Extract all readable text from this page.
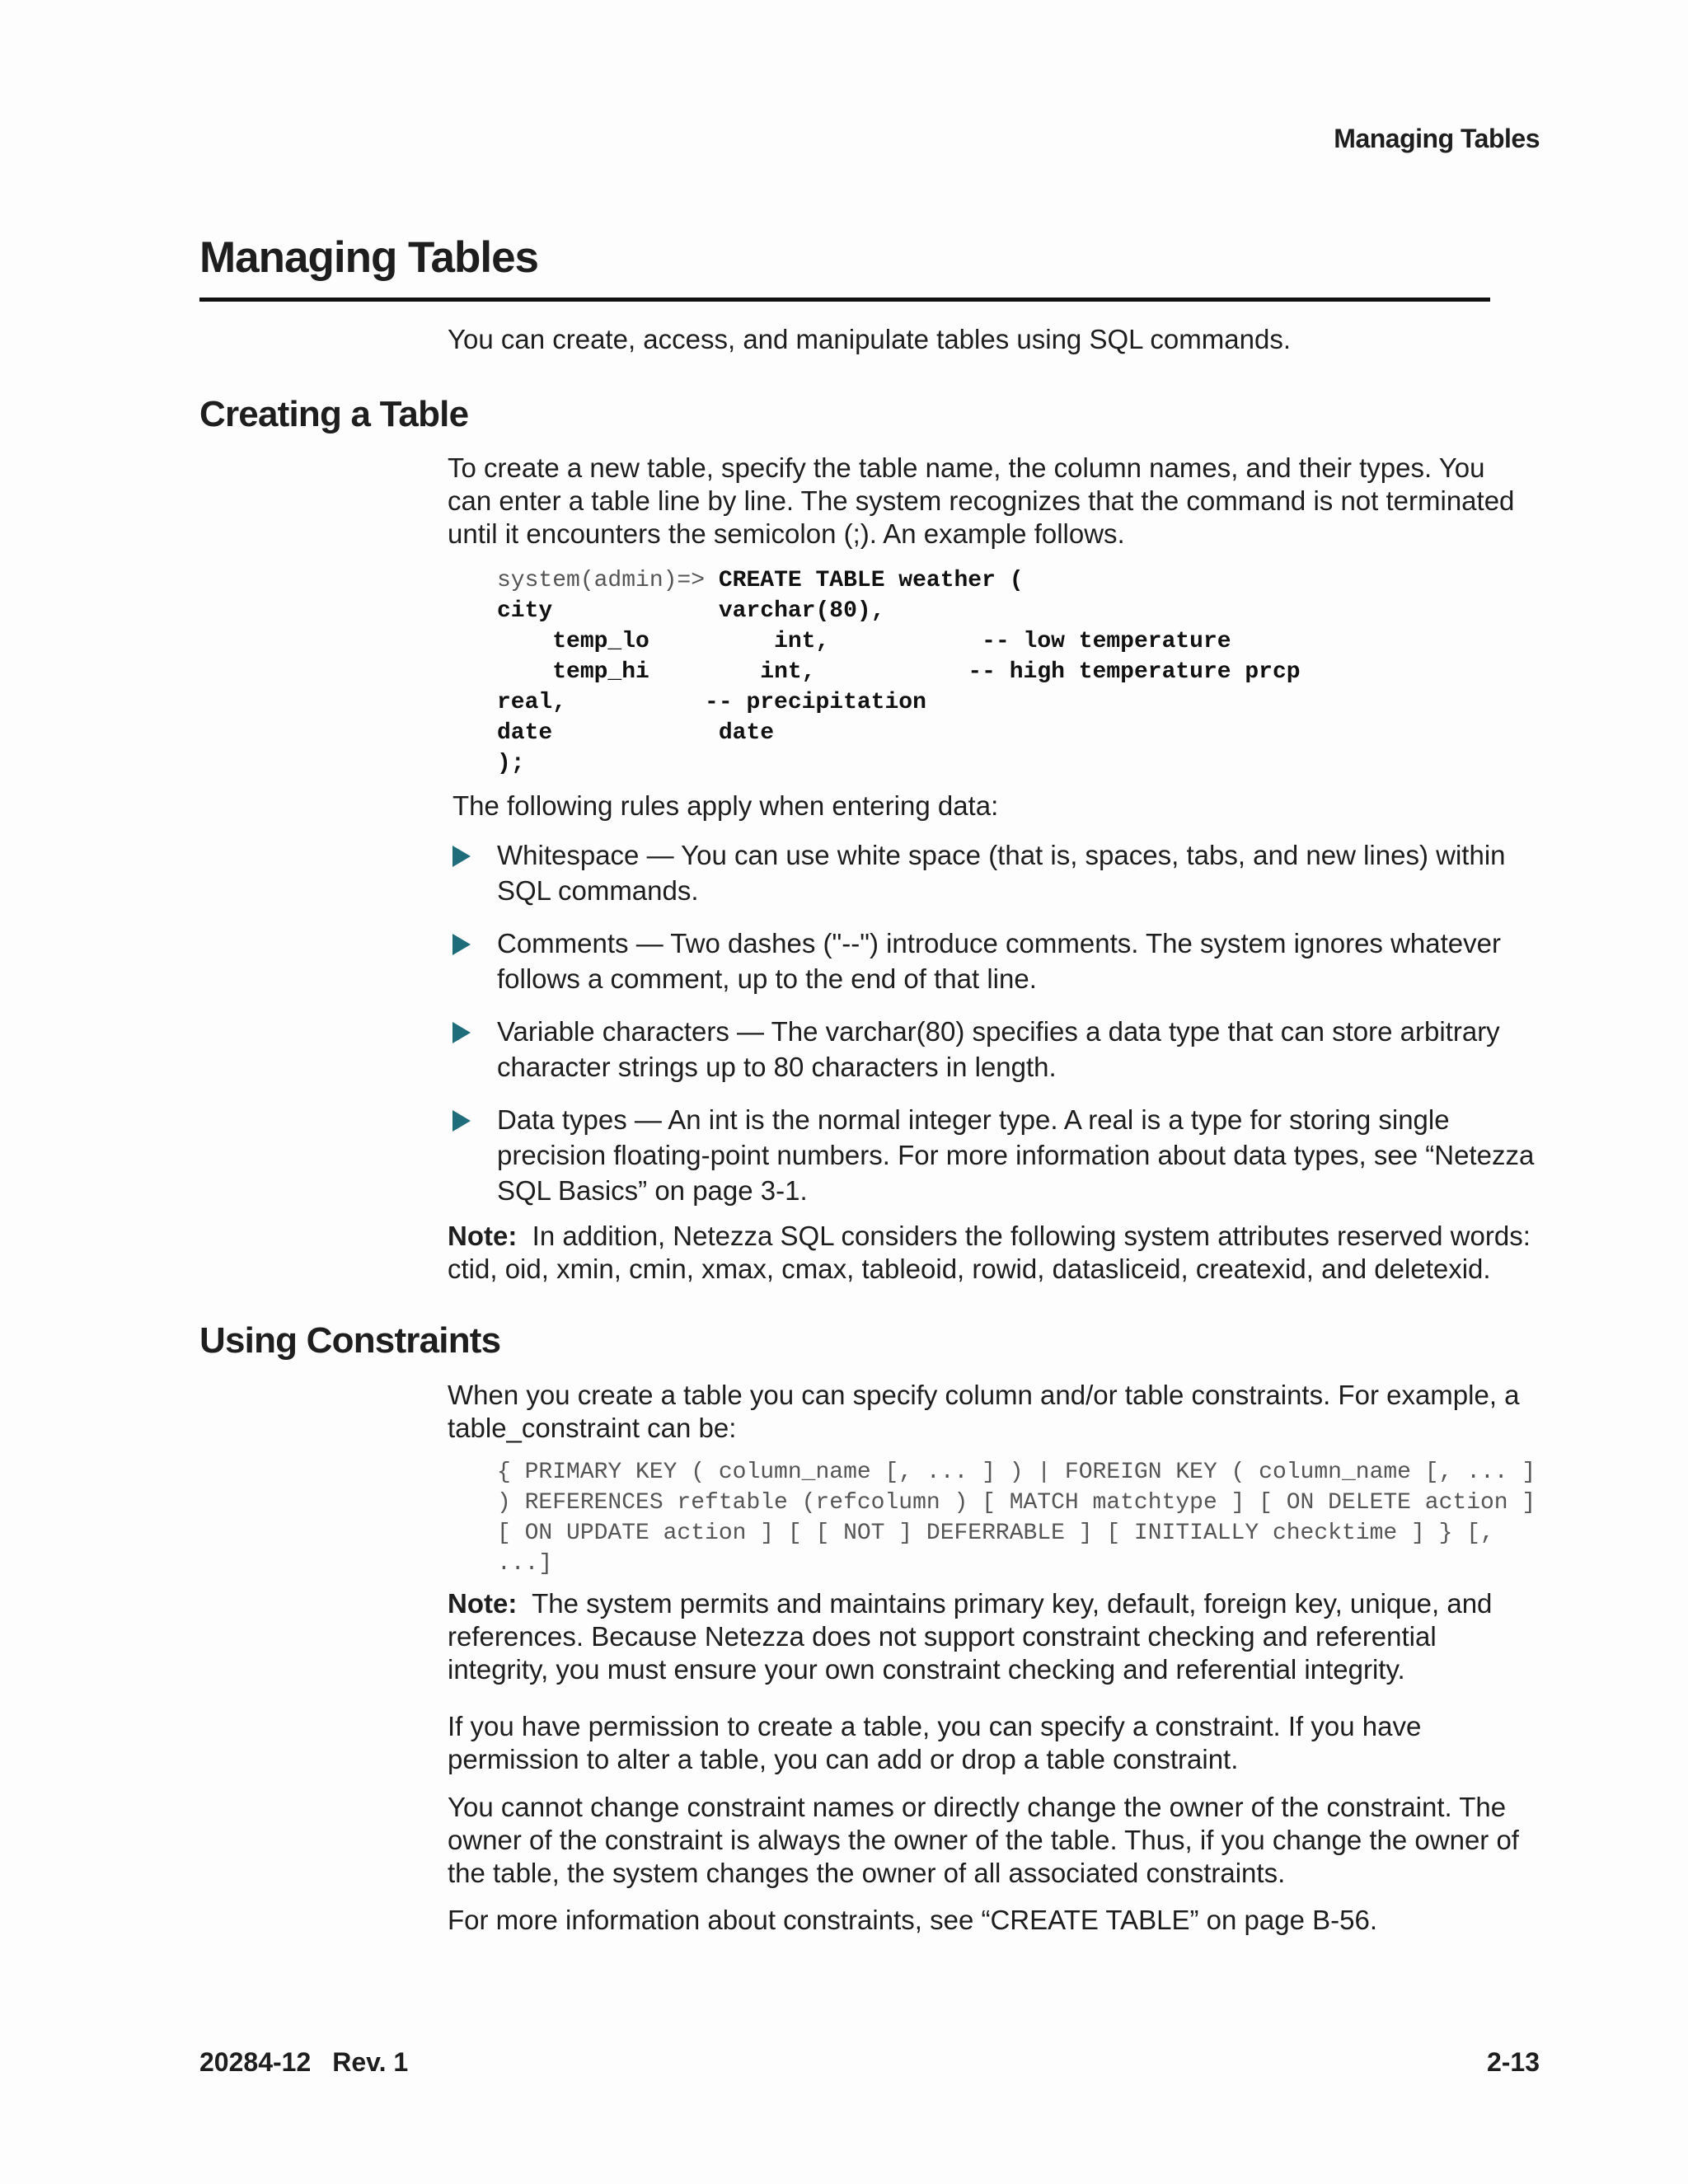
Managing Tables
Managing Tables

You can create, access, and manipulate tables using SQL commands.

Creating a Table

To create a new table, specify the table name, the column names, and their types. You can enter a table line by line. The system recognizes that the command is not terminated until it encounters the semicolon (;). An example follows.

system(admin)=> CREATE TABLE weather (
city	varchar(80),
temp_lo	int,	-- low temperature
temp_hi	int,	-- high temperature prcp
real,	-- precipitation
date	date
);

The following rules apply when entering data:

Whitespace — You can use white space (that is, spaces, tabs, and new lines) within SQL commands.
Comments — Two dashes ("--") introduce comments. The system ignores whatever follows a comment, up to the end of that line.
Variable characters — The varchar(80) specifies a data type that can store arbitrary character strings up to 80 characters in length.
Data types — An int is the normal integer type. A real is a type for storing single precision floating-point numbers. For more information about data types, see “Netezza SQL Basics” on page 3-1.

Note: In addition, Netezza SQL considers the following system attributes reserved words: ctid, oid, xmin, cmin, xmax, cmax, tableoid, rowid, datasliceid, createxid, and deletexid.

Using Constraints

When you create a table you can specify column and/or table constraints. For example, a table_constraint can be:

{ PRIMARY KEY ( column_name [, ... ] ) | FOREIGN KEY ( column_name [, ... ] ) REFERENCES reftable (refcolumn ) [ MATCH matchtype ] [ ON DELETE action ] [ ON UPDATE action ] [ [ NOT ] DEFERRABLE ] [ INITIALLY checktime ] } [, ...]

Note: The system permits and maintains primary key, default, foreign key, unique, and references. Because Netezza does not support constraint checking and referential integrity, you must ensure your own constraint checking and referential integrity.

If you have permission to create a table, you can specify a constraint. If you have permission to alter a table, you can add or drop a table constraint.

You cannot change constraint names or directly change the owner of the constraint. The owner of the constraint is always the owner of the table. Thus, if you change the owner of the table, the system changes the owner of all associated constraints.

For more information about constraints, see “CREATE TABLE” on page B-56.

20284-12 Rev. 1	2-13
